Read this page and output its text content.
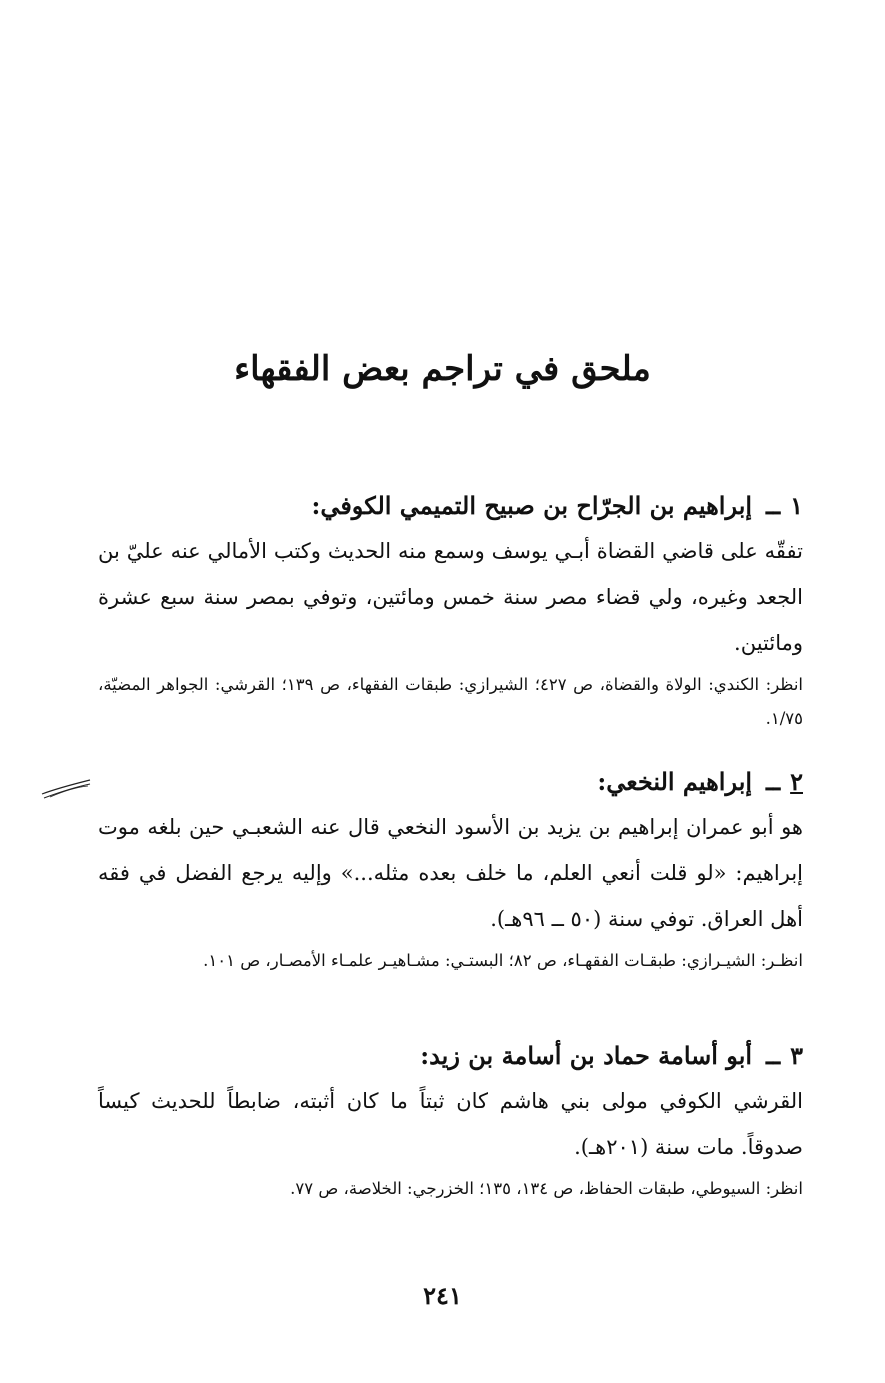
ملحق في تراجم بعض الفقهاء
١
ــ
إبراهيم بن الجرّاح بن صبيح التميمي الكوفي:
تفقّه على قاضي القضاة أبـي يوسف وسمع منه الحديث وكتب الأمالي عنه عليّ بن الجعد وغيره، ولي قضاء مصر سنة خمس ومائتين، وتوفي بمصر سنة سبع عشرة ومائتين.
انظر: الكندي: الولاة والقضاة، ص ٤٢٧؛ الشيرازي: طبقات الفقهاء، ص ١٣٩؛ القرشي: الجواهر المضيّة، ١/٧٥.
٢
ــ
إبراهيم النخعي:
هو أبو عمران إبراهيم بن يزيد بن الأسود النخعي قال عنه الشعبـي حين بلغه موت إبراهيم: «لو قلت أنعي العلم، ما خلف بعده مثله...» وإليه يرجع الفضل في فقه أهل العراق. توفي سنة (٥٠ ــ ٩٦هـ).
انظـر: الشيـرازي: طبقـات الفقهـاء، ص ٨٢؛ البستـي: مشـاهيـر علمـاء الأمصـار، ص ١٠١.
٣
ــ
أبو أسامة حماد بن أسامة بن زيد:
القرشي الكوفي مولى بني هاشم كان ثبتاً ما كان أثبته، ضابطاً للحديث كيساً صدوقاً. مات سنة (٢٠١هـ).
انظر: السيوطي، طبقات الحفاظ، ص ١٣٤، ١٣٥؛ الخزرجي: الخلاصة، ص ٧٧.
٢٤١
